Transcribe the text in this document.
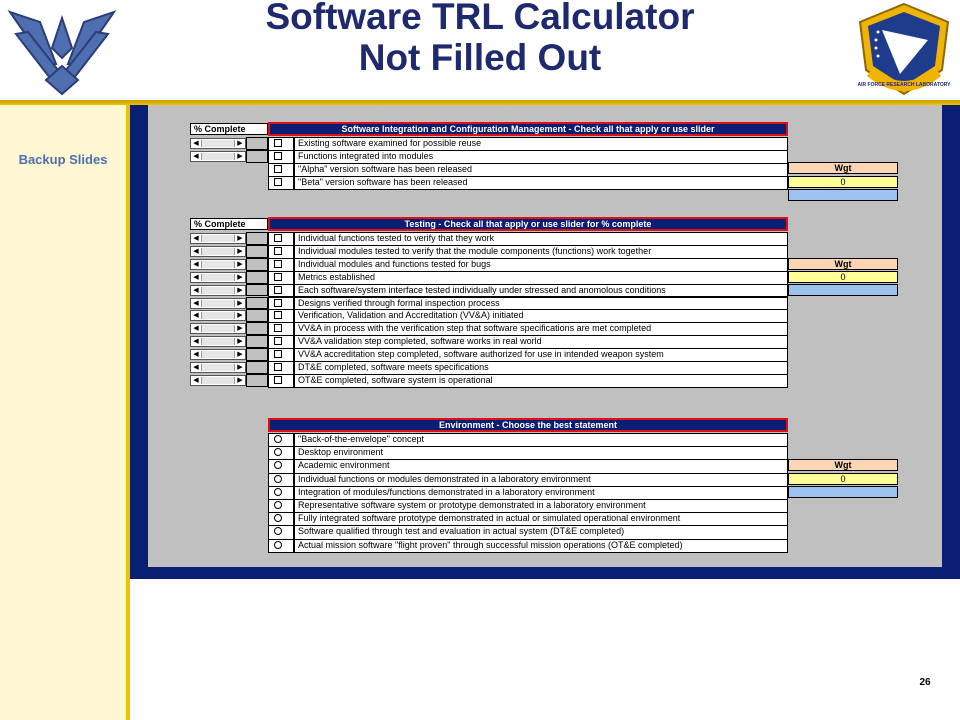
Backup Slides
Software TRL Calculator
Not Filled Out
AIR FORCE RESEARCH LABORATORY
% Complete	Software Integration and Configuration Management - Check all that apply or use slider
◀	▶	Existing software examined for possible reuse
◀	▶	Functions integrated into modules
"Alpha" version software has been released
"Beta" version software has been released
Wgt
0
% Complete	Testing - Check all that apply or use slider for % complete
◀	▶	Individual functions tested to verify that they work
◀	▶	Individual modules tested to verify that the module components (functions) work together
◀	▶	Individual modules and functions tested for bugs
◀	▶	Metrics established
◀	▶	Each software/system interface tested individually under stressed and anomolous conditions
◀	▶	Designs verified through formal inspection process
◀	▶	Verification, Validation and Accreditation (VV&A) initiated
◀	▶	VV&A in process with the verification step that software specifications are met completed
◀	▶	VV&A validation step completed, software works in real world
◀	▶	VV&A accreditation step completed, software authorized for use in intended weapon system
◀	▶	DT&E completed, software meets specifications
◀	▶	OT&E completed, software system is operational
Wgt
0
Environment - Choose the best statement
"Back-of-the-envelope" concept
Desktop environment
Academic environment
Individual functions or modules demonstrated in a laboratory environment
Integration of modules/functions demonstrated in a laboratory environment
Representative software system or prototype demonstrated in a laboratory environment
Fully integrated software prototype demonstrated in actual or simulated operational environment
Software qualified through test and evaluation in actual system (DT&E completed)
Actual mission software "flight proven" through successful mission operations (OT&E completed)
Wgt
0
26
